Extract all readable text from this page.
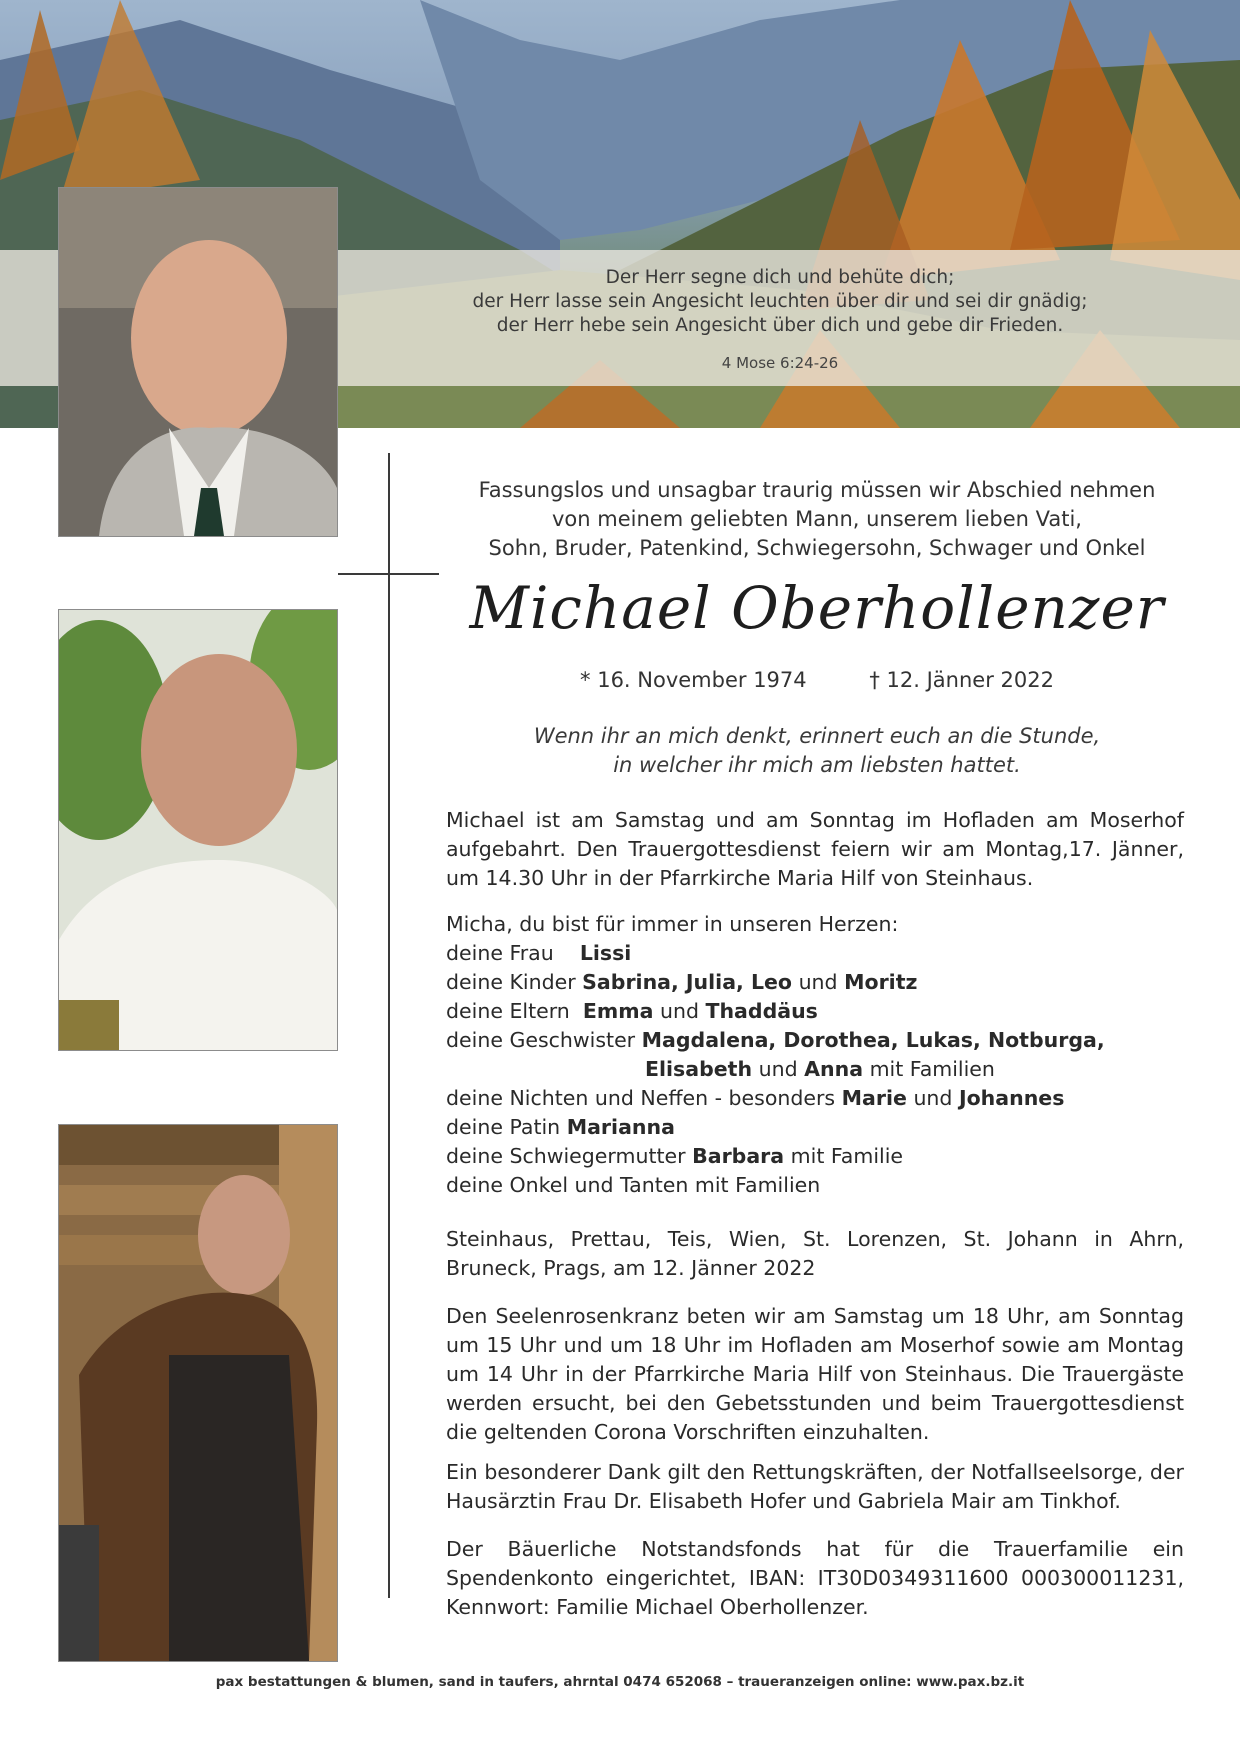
Der Herr segne dich und behüte dich;
der Herr lasse sein Angesicht leuchten über dir und sei dir gnädig;
der Herr hebe sein Angesicht über dich und gebe dir Frieden.
4 Mose 6:24-26
Fassungslos und unsagbar traurig müssen wir Abschied nehmen
von meinem geliebten Mann, unserem lieben Vati,
Sohn, Bruder, Patenkind, Schwiegersohn, Schwager und Onkel
Michael Oberhollenzer
* 16. November 1974	† 12. Jänner 2022
Wenn ihr an mich denkt, erinnert euch an die Stunde,
in welcher ihr mich am liebsten hattet.
Michael ist am Samstag und am Sonntag im Hofladen am Moserhof aufgebahrt. Den Trauergottesdienst feiern wir am Montag,17. Jänner, um 14.30 Uhr in der Pfarrkirche Maria Hilf von Steinhaus.
Micha, du bist für immer in unseren Herzen:
deine Frau
Lissi
deine Kinder
Sabrina, Julia, Leo
und
Moritz
deine Eltern
Emma
und
Thaddäus
deine Geschwister
Magdalena, Dorothea, Lukas, Notburga,
Elisabeth
und
Anna
mit Familien
deine Nichten und Neffen - besonders
Marie
und
Johannes
deine Patin
Marianna
deine Schwiegermutter
Barbara
mit Familie
deine Onkel und Tanten mit Familien
Steinhaus, Prettau, Teis, Wien, St. Lorenzen, St. Johann in Ahrn, Bruneck, Prags, am 12. Jänner 2022
Den Seelenrosenkranz beten wir am Samstag um 18 Uhr, am Sonntag um 15 Uhr und um 18 Uhr im Hofladen am Moserhof sowie am Montag um 14 Uhr in der Pfarrkirche Maria Hilf von Steinhaus. Die Trauergäste werden ersucht, bei den Gebetsstunden und beim Trauergottesdienst die geltenden Corona Vorschriften einzuhalten.
Ein besonderer Dank gilt den Rettungskräften, der Notfallseelsorge, der Hausärztin Frau Dr. Elisabeth Hofer und Gabriela Mair am Tinkhof.
Der Bäuerliche Notstandsfonds hat für die Trauerfamilie ein Spendenkonto eingerichtet, IBAN: IT30D0349311600 000300011231, Kennwort: Familie Michael Oberhollenzer.
pax bestattungen & blumen, sand in taufers, ahrntal 0474 652068 – traueranzeigen online: www.pax.bz.it
